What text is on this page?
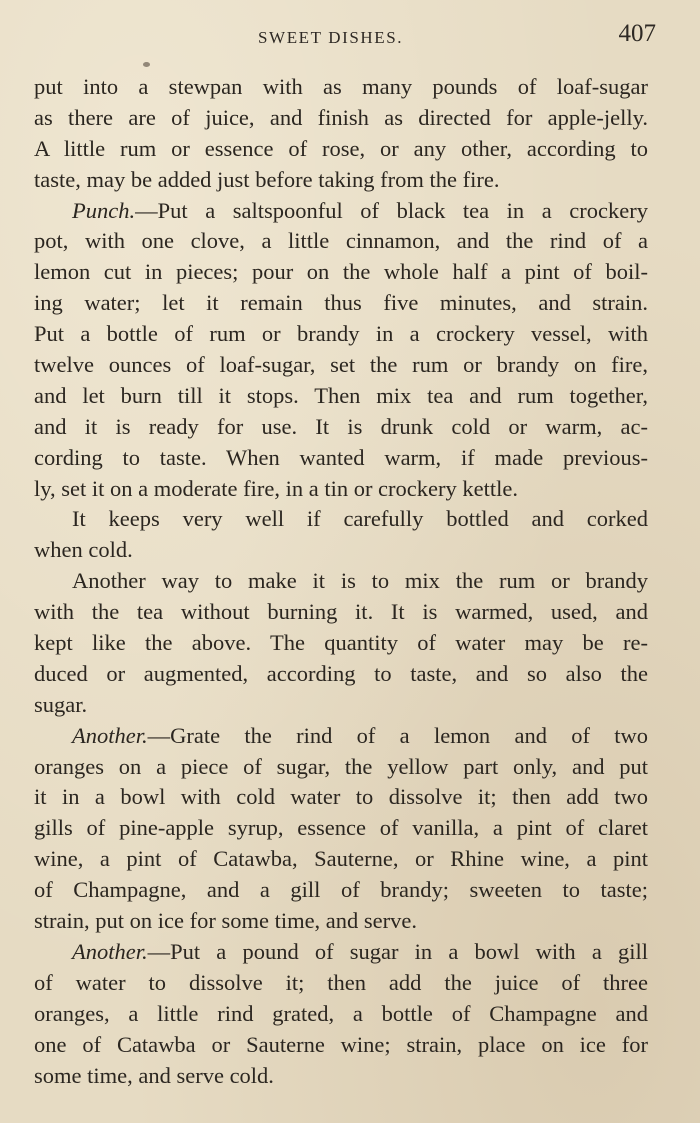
SWEET DISHES.	407
put into a stewpan with as many pounds of loaf-sugar
as there are of juice, and finish as directed for apple-jelly.
A little rum or essence of rose, or any other, according to
taste, may be added just before taking from the fire.
Punch.—Put a saltspoonful of black tea in a crockery
pot, with one clove, a little cinnamon, and the rind of a
lemon cut in pieces; pour on the whole half a pint of boil-
ing water; let it remain thus five minutes, and strain.
Put a bottle of rum or brandy in a crockery vessel, with
twelve ounces of loaf-sugar, set the rum or brandy on fire,
and let burn till it stops. Then mix tea and rum together,
and it is ready for use. It is drunk cold or warm, ac-
cording to taste. When wanted warm, if made previous-
ly, set it on a moderate fire, in a tin or crockery kettle.
It keeps very well if carefully bottled and corked
when cold.
Another way to make it is to mix the rum or brandy
with the tea without burning it. It is warmed, used, and
kept like the above. The quantity of water may be re-
duced or augmented, according to taste, and so also the
sugar.
Another.—Grate the rind of a lemon and of two
oranges on a piece of sugar, the yellow part only, and put
it in a bowl with cold water to dissolve it; then add two
gills of pine-apple syrup, essence of vanilla, a pint of claret
wine, a pint of Catawba, Sauterne, or Rhine wine, a pint
of Champagne, and a gill of brandy; sweeten to taste;
strain, put on ice for some time, and serve.
Another.—Put a pound of sugar in a bowl with a gill
of water to dissolve it; then add the juice of three
oranges, a little rind grated, a bottle of Champagne and
one of Catawba or Sauterne wine; strain, place on ice for
some time, and serve cold.
